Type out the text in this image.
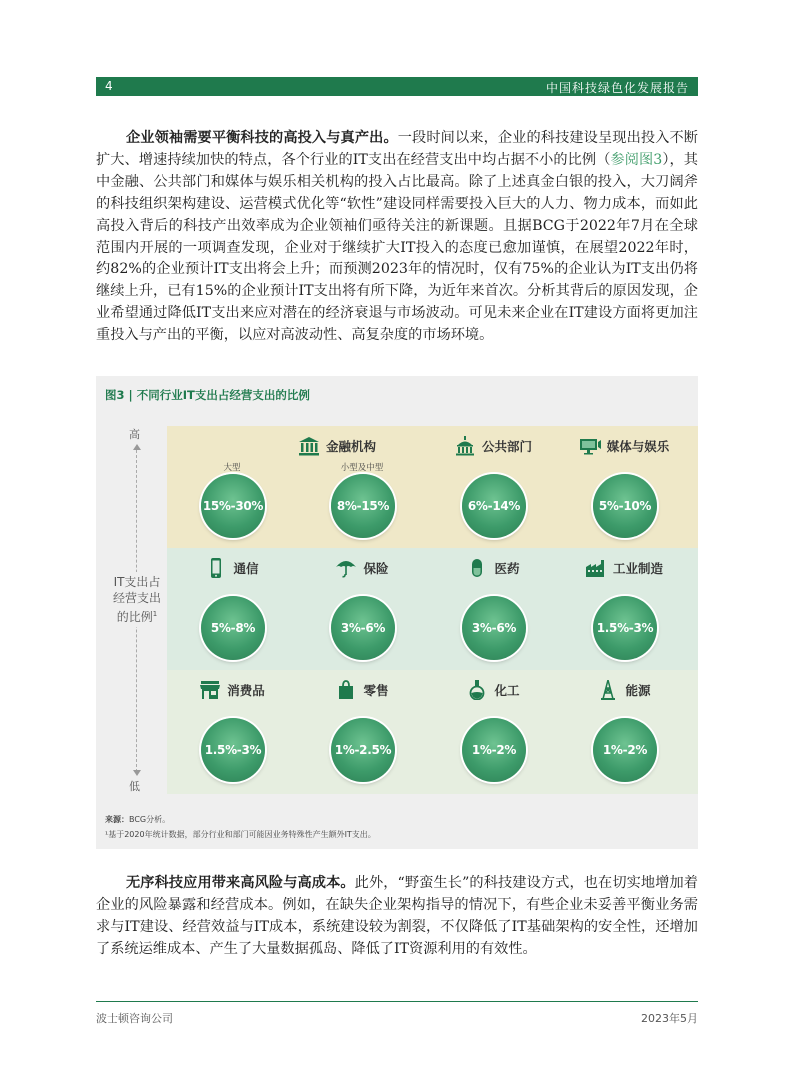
4	中国科技绿色化发展报告

企业领袖需要平衡科技的高投入与真产出。一段时间以来，企业的科技建设呈现出投入不断扩大、增速持续加快的特点，各个行业的IT支出在经营支出中均占据不小的比例（参阅图3），其中金融、公共部门和媒体与娱乐相关机构的投入占比最高。除了上述真金白银的投入，大刀阔斧的科技组织架构建设、运营模式优化等“软性”建设同样需要投入巨大的人力、物力成本，而如此高投入背后的科技产出效率成为企业领袖们亟待关注的新课题。且据BCG于2022年7月在全球范围内开展的一项调查发现，企业对于继续扩大IT投入的态度已愈加谨慎，在展望2022年时，约82%的企业预计IT支出将会上升；而预测2023年的情况时，仅有75%的企业认为IT支出仍将继续上升，已有15%的企业预计IT支出将有所下降，为近年来首次。分析其背后的原因发现，企业希望通过降低IT支出来应对潜在的经济衰退与市场波动。可见未来企业在IT建设方面将更加注重投入与产出的平衡，以应对高波动性、高复杂度的市场环境。

图3 | 不同行业IT支出占经营支出的比例
高
低
IT支出占经营支出的比例$^1$
金融机构
大型
15%-30%
小型及中型
8%-15%
公共部门
6%-14%
媒体与娱乐
5%-10%
通信
5%-8%
保险
3%-6%
医药
3%-6%
工业制造
1.5%-3%
消费品
1.5%-3%
零售
1%-2.5%
化工
1%-2%
能源
1%-2%
来源：BCG分析。
¹基于2020年统计数据，部分行业和部门可能因业务特殊性产生额外IT支出。

无序科技应用带来高风险与高成本。此外，“野蛮生长”的科技建设方式，也在切实地增加着企业的风险暴露和经营成本。例如，在缺失企业架构指导的情况下，有些企业未妥善平衡业务需求与IT建设、经营效益与IT成本，系统建设较为割裂，不仅降低了IT基础架构的安全性，还增加了系统运维成本、产生了大量数据孤岛、降低了IT资源利用的有效性。

波士顿咨询公司	2023年5月
